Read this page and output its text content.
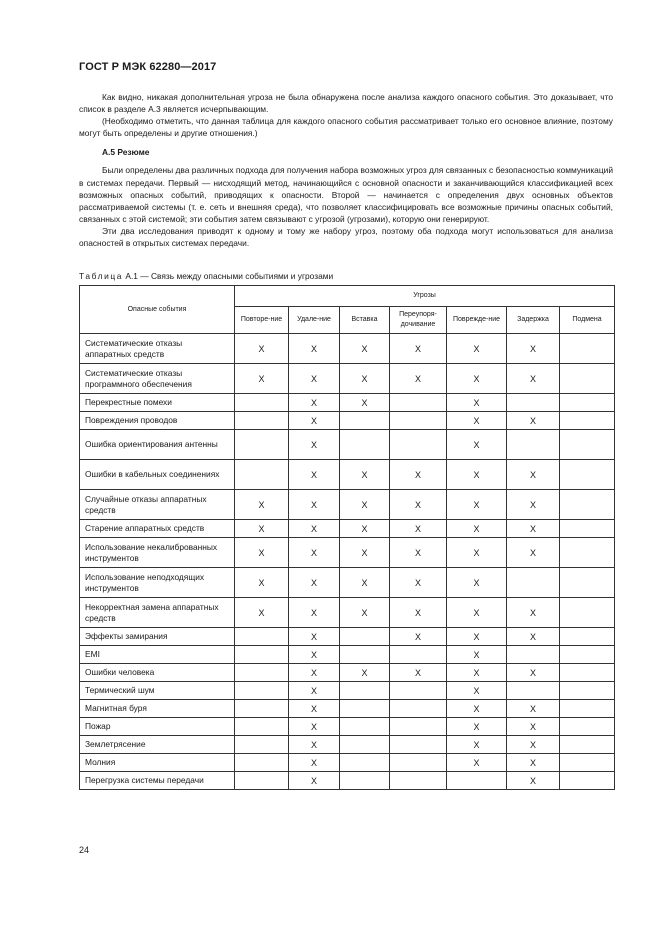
ГОСТ Р МЭК 62280—2017

Как видно, никакая дополнительная угроза не была обнаружена после анализа каждого опасного события. Это доказывает, что список в разделе А.3 является исчерпывающим.

(Необходимо отметить, что данная таблица для каждого опасного события рассматривает только его основное влияние, поэтому могут быть определены и другие отношения.)

А.5 Резюме

Были определены два различных подхода для получения набора возможных угроз для связанных с безопасностью коммуникаций в системах передачи. Первый — нисходящий метод, начинающийся с основной опасности и заканчивающийся классификацией всех возможных опасных событий, приводящих к опасности. Второй — начинается с определения двух основных объектов рассматриваемой системы (т. е. сеть и внешняя среда), что позволяет классифицировать все возможные причины опасных событий, связанных с этой системой; эти события затем связывают с угрозой (угрозами), которую они генерируют.

Эти два исследования приводят к одному и тому же набору угроз, поэтому оба подхода могут использоваться для анализа опасностей в открытых системах передачи.

Таблица А.1 — Связь между опасными событиями и угрозами
Опасные события	Угрозы						
	Повторе-ние	Удале-ние	Вставка	Переупоря-дочивание	Поврежде-ние	Задержка	Подмена
Систематические отказы аппаратных средств	X	X	X	X	X	X	
Систематические отказы программного обеспечения	X	X	X	X	X	X	
Перекрестные помехи		X	X		X		
Повреждения проводов		X			X	X	
Ошибка ориентирования антенны		X			X		
Ошибки в кабельных соединениях		X	X	X	X	X	
Случайные отказы аппаратных средств	X	X	X	X	X	X	
Старение аппаратных средств	X	X	X	X	X	X	
Использование некалиброванных инструментов	X	X	X	X	X	X	
Использование неподходящих инструментов	X	X	X	X	X		
Некорректная замена аппаратных средств	X	X	X	X	X	X	
Эффекты замирания		X		X	X	X	
EMI		X			X		
Ошибки человека		X	X	X	X	X	
Термический шум		X			X		
Магнитная буря		X			X	X	
Пожар		X			X	X	
Землетрясение		X			X	X	
Молния		X			X	X	
Перегрузка системы передачи		X				X	
24
